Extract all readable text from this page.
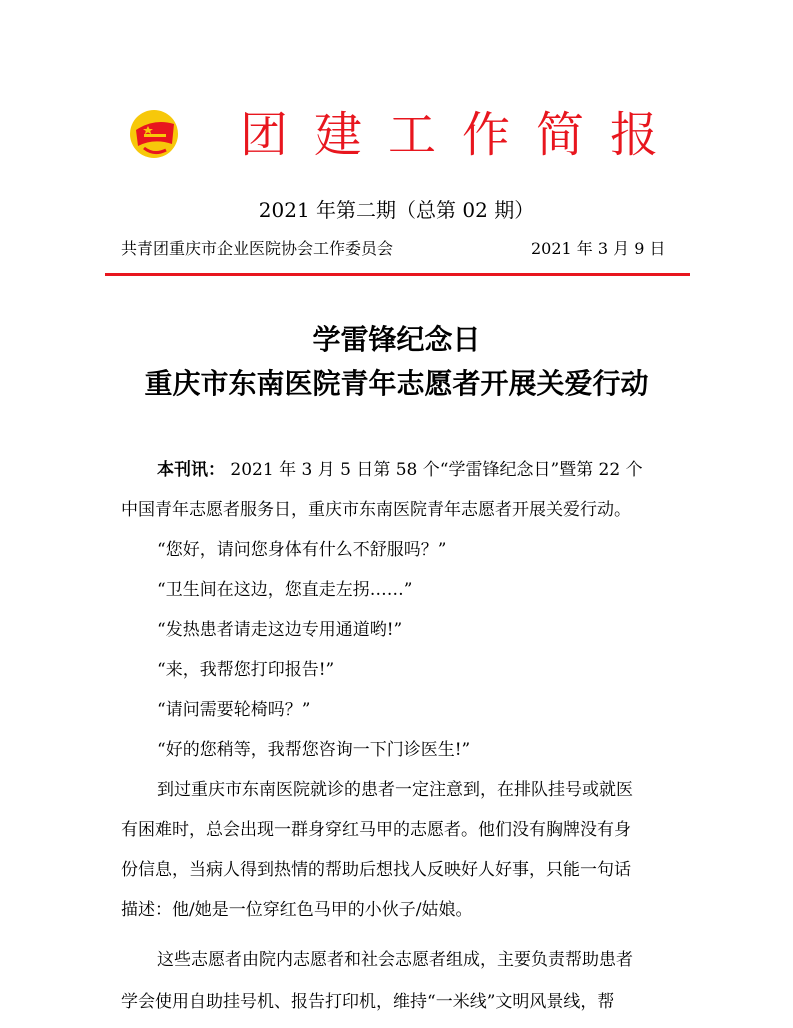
团建工作简报
2021 年第二期（总第 02 期）
共青团重庆市企业医院协会工作委员会	2021 年 3 月 9 日
学雷锋纪念日
重庆市东南医院青年志愿者开展关爱行动
本刊讯： 2021 年 3 月 5 日第 58 个“学雷锋纪念日”暨第 22 个
中国青年志愿者服务日，重庆市东南医院青年志愿者开展关爱行动。
“您好，请问您身体有什么不舒服吗？”
“卫生间在这边，您直走左拐……”
“发热患者请走这边专用通道哟!”
“来，我帮您打印报告!”
“请问需要轮椅吗？”
“好的您稍等，我帮您咨询一下门诊医生!”
到过重庆市东南医院就诊的患者一定注意到，在排队挂号或就医
有困难时，总会出现一群身穿红马甲的志愿者。他们没有胸牌没有身
份信息，当病人得到热情的帮助后想找人反映好人好事，只能一句话
描述：他/她是一位穿红色马甲的小伙子/姑娘。
这些志愿者由院内志愿者和社会志愿者组成，主要负责帮助患者
学会使用自助挂号机、报告打印机，维持“一米线”文明风景线，帮
